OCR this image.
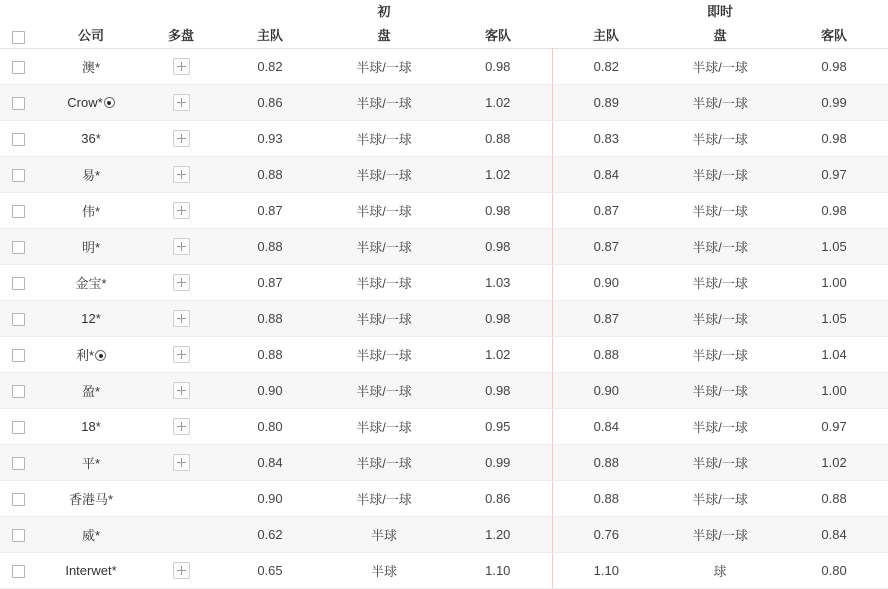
			初			即时		
	公司	多盘	主队	盘	客队	主队	盘	客队
	澳*		0.82	半球/一球	0.98	0.82	半球/一球	0.98
	Crow*		0.86	半球/一球	1.02	0.89	半球/一球	0.99
	36*		0.93	半球/一球	0.88	0.83	半球/一球	0.98
	易*		0.88	半球/一球	1.02	0.84	半球/一球	0.97
	伟*		0.87	半球/一球	0.98	0.87	半球/一球	0.98
	明*		0.88	半球/一球	0.98	0.87	半球/一球	1.05
	金宝*		0.87	半球/一球	1.03	0.90	半球/一球	1.00
	12*		0.88	半球/一球	0.98	0.87	半球/一球	1.05
	利*		0.88	半球/一球	1.02	0.88	半球/一球	1.04
	盈*		0.90	半球/一球	0.98	0.90	半球/一球	1.00
	18*		0.80	半球/一球	0.95	0.84	半球/一球	0.97
	平*		0.84	半球/一球	0.99	0.88	半球/一球	1.02
	香港马*		0.90	半球/一球	0.86	0.88	半球/一球	0.88
	威*		0.62	半球	1.20	0.76	半球/一球	0.84
	Interwet*		0.65	半球	1.10	1.10	球	0.80
